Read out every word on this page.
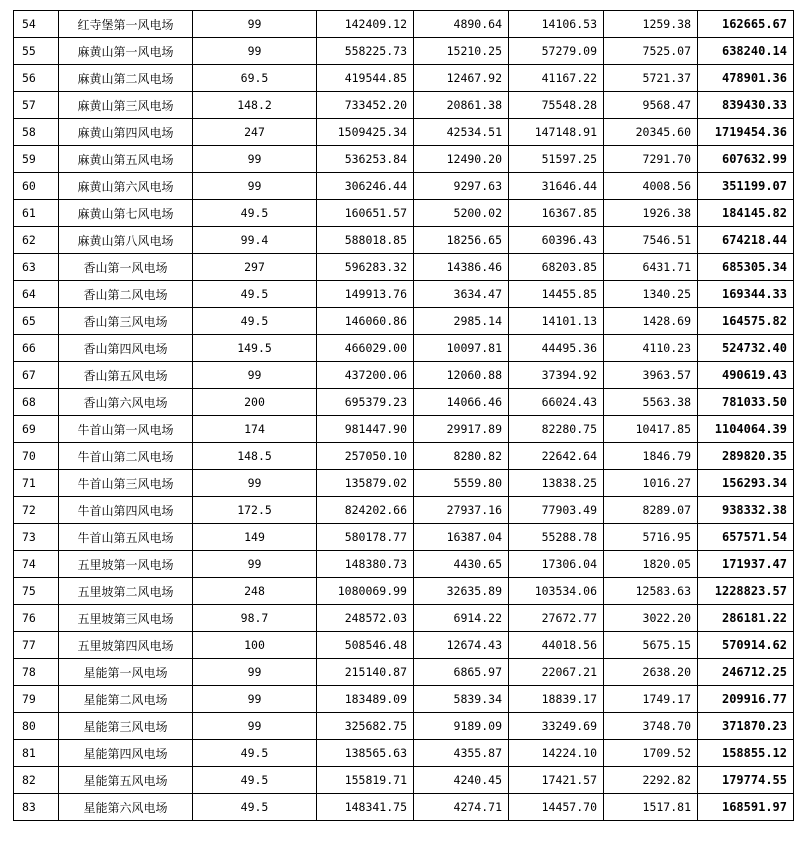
54	红寺堡第一风电场	99	142409.12	4890.64	14106.53	1259.38	162665.67
55	麻黄山第一风电场	99	558225.73	15210.25	57279.09	7525.07	638240.14
56	麻黄山第二风电场	69.5	419544.85	12467.92	41167.22	5721.37	478901.36
57	麻黄山第三风电场	148.2	733452.20	20861.38	75548.28	9568.47	839430.33
58	麻黄山第四风电场	247	1509425.34	42534.51	147148.91	20345.60	1719454.36
59	麻黄山第五风电场	99	536253.84	12490.20	51597.25	7291.70	607632.99
60	麻黄山第六风电场	99	306246.44	9297.63	31646.44	4008.56	351199.07
61	麻黄山第七风电场	49.5	160651.57	5200.02	16367.85	1926.38	184145.82
62	麻黄山第八风电场	99.4	588018.85	18256.65	60396.43	7546.51	674218.44
63	香山第一风电场	297	596283.32	14386.46	68203.85	6431.71	685305.34
64	香山第二风电场	49.5	149913.76	3634.47	14455.85	1340.25	169344.33
65	香山第三风电场	49.5	146060.86	2985.14	14101.13	1428.69	164575.82
66	香山第四风电场	149.5	466029.00	10097.81	44495.36	4110.23	524732.40
67	香山第五风电场	99	437200.06	12060.88	37394.92	3963.57	490619.43
68	香山第六风电场	200	695379.23	14066.46	66024.43	5563.38	781033.50
69	牛首山第一风电场	174	981447.90	29917.89	82280.75	10417.85	1104064.39
70	牛首山第二风电场	148.5	257050.10	8280.82	22642.64	1846.79	289820.35
71	牛首山第三风电场	99	135879.02	5559.80	13838.25	1016.27	156293.34
72	牛首山第四风电场	172.5	824202.66	27937.16	77903.49	8289.07	938332.38
73	牛首山第五风电场	149	580178.77	16387.04	55288.78	5716.95	657571.54
74	五里坡第一风电场	99	148380.73	4430.65	17306.04	1820.05	171937.47
75	五里坡第二风电场	248	1080069.99	32635.89	103534.06	12583.63	1228823.57
76	五里坡第三风电场	98.7	248572.03	6914.22	27672.77	3022.20	286181.22
77	五里坡第四风电场	100	508546.48	12674.43	44018.56	5675.15	570914.62
78	星能第一风电场	99	215140.87	6865.97	22067.21	2638.20	246712.25
79	星能第二风电场	99	183489.09	5839.34	18839.17	1749.17	209916.77
80	星能第三风电场	99	325682.75	9189.09	33249.69	3748.70	371870.23
81	星能第四风电场	49.5	138565.63	4355.87	14224.10	1709.52	158855.12
82	星能第五风电场	49.5	155819.71	4240.45	17421.57	2292.82	179774.55
83	星能第六风电场	49.5	148341.75	4274.71	14457.70	1517.81	168591.97
